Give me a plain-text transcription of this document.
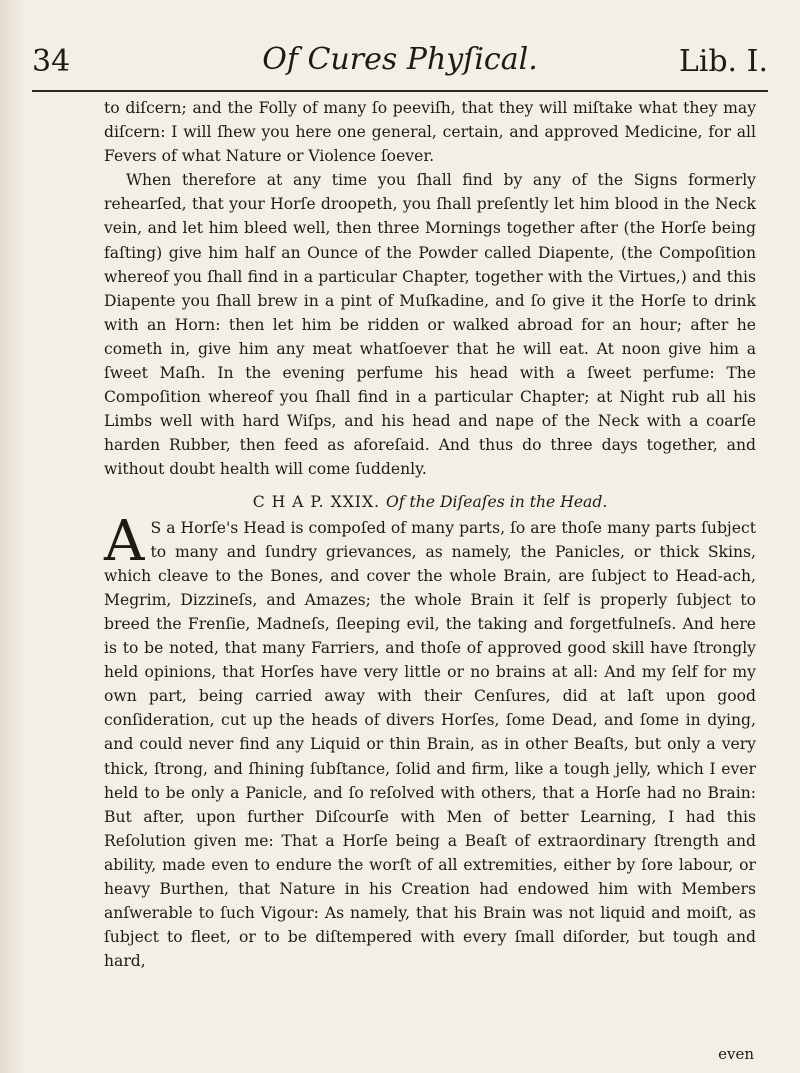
34	Of Cures Phyſical.	Lib. I.

to diſcern; and the Folly of many ſo peeviſh, that they will miſtake what they may diſcern: I will ſhew you here one general, certain, and approved Medicine, for all Fevers of what Nature or Violence ſoever.

When therefore at any time you ſhall find by any of the Signs formerly rehearſed, that your Horſe droopeth, you ſhall preſently let him blood in the Neck vein, and let him bleed well, then three Mornings together after (the Horſe being faſting) give him half an Ounce of the Powder called Diapente, (the Compoſition whereof you ſhall find in a particular Chapter, together with the Virtues,) and this Diapente you ſhall brew in a pint of Muſkadine, and ſo give it the Horſe to drink with an Horn: then let him be ridden or walked abroad for an hour; after he cometh in, give him any meat whatſoever that he will eat. At noon give him a ſweet Maſh. In the evening perfume his head with a ſweet perfume: The Compoſition whereof you ſhall find in a particular Chapter; at Night rub all his Limbs well with hard Wiſps, and his head and nape of the Neck with a coarſe harden Rubber, then feed as aforeſaid. And thus do three days together, and without doubt health will come ſuddenly.

C H A P. XXIX. Of the Diſeaſes in the Head.

A S a Horſe's Head is compoſed of many parts, ſo are thoſe many parts ſubject to many and ſundry grievances, as namely, the Panicles, or thick Skins, which cleave to the Bones, and cover the whole Brain, are ſubject to Head-ach, Megrim, Dizzineſs, and Amazes; the whole Brain it ſelf is properly ſubject to breed the Frenſie, Madneſs, ſleeping evil, the taking and forgetfulneſs. And here is to be noted, that many Farriers, and thoſe of approved good skill have ſtrongly held opinions, that Horſes have very little or no brains at all: And my ſelf for my own part, being carried away with their Cenſures, did at laſt upon good conſideration, cut up the heads of divers Horſes, ſome Dead, and ſome in dying, and could never find any Liquid or thin Brain, as in other Beaſts, but only a very thick, ſtrong, and ſhining ſubſtance, ſolid and firm, like a tough jelly, which I ever held to be only a Panicle, and ſo reſolved with others, that a Horſe had no Brain: But after, upon further Diſcourſe with Men of better Learning, I had this Reſolution given me: That a Horſe being a Beaſt of extraordinary ſtrength and ability, made even to endure the worſt of all extremities, either by ſore labour, or heavy Burthen, that Nature in his Creation had endowed him with Members anſwerable to ſuch Vigour: As namely, that his Brain was not liquid and moiſt, as ſubject to fleet, or to be diſtempered with every ſmall diſorder, but tough and hard,

even
